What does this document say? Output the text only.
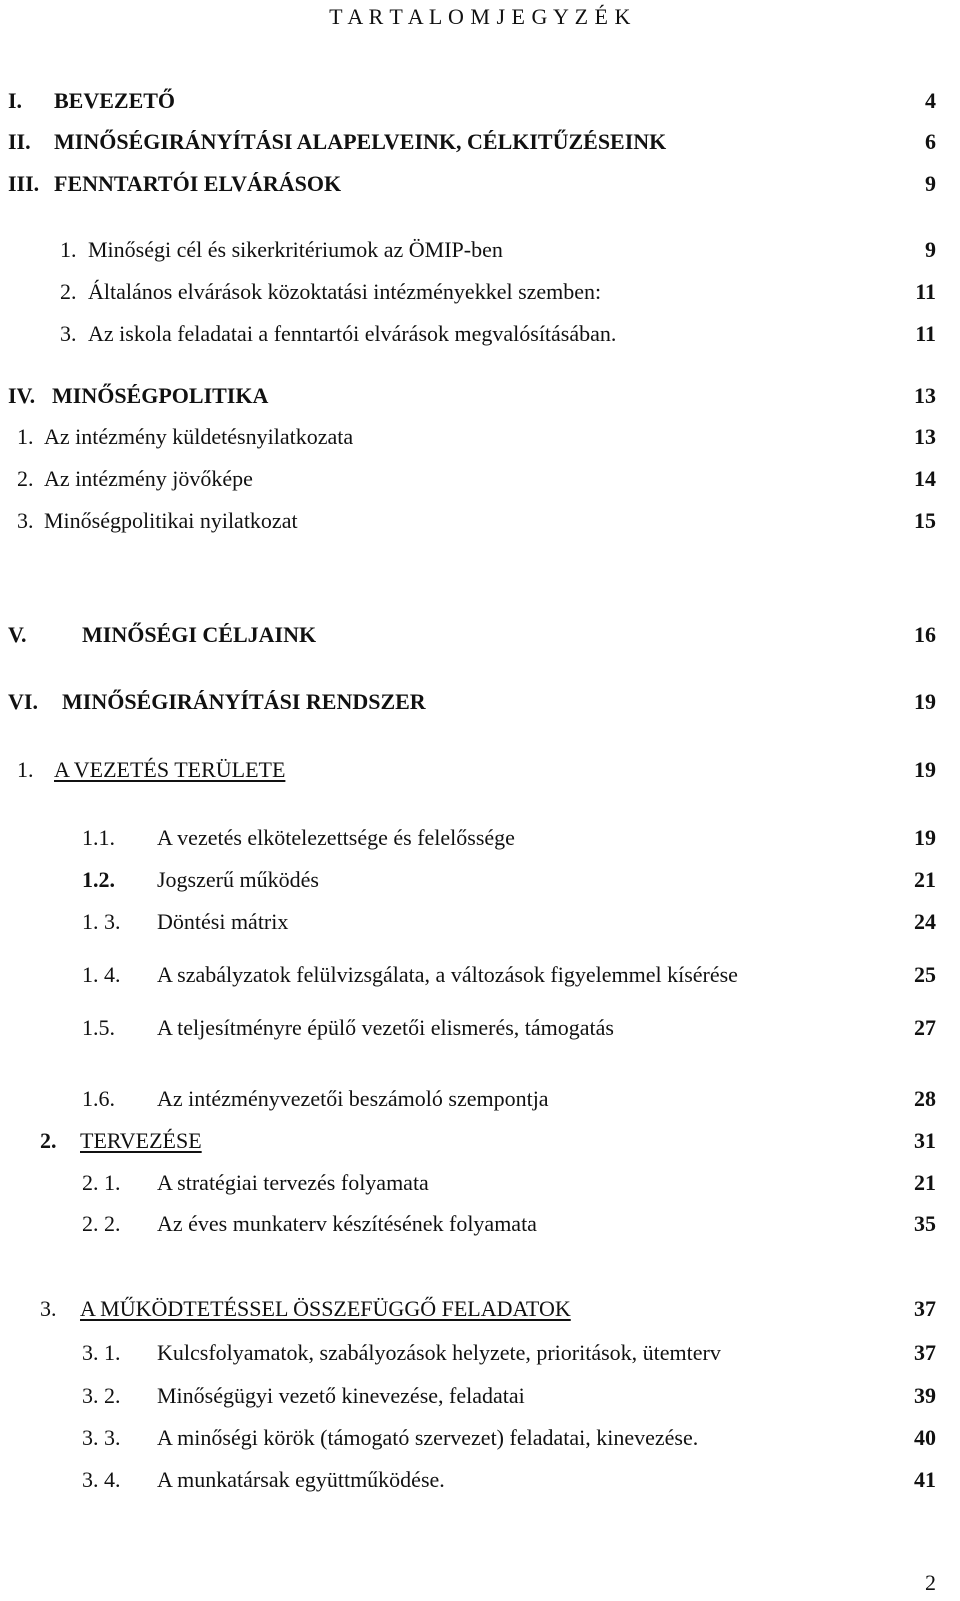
T A R T A L O M J E G Y Z É K
I. BEVEZETŐ	4
II. MINŐSÉGIRÁNYÍTÁSI ALAPELVEINK, CÉLKITŰZÉSEINK	6
III. FENNTARTÓI ELVÁRÁSOK	9
1. Minőségi cél és sikerkritériumok az ÖMIP-ben	9
2. Általános elvárások közoktatási intézményekkel szemben:	11
3. Az iskola feladatai a fenntartói elvárások megvalósításában.	11
IV. MINŐSÉGPOLITIKA	13
1. Az intézmény küldetésnyilatkozata	13
2. Az intézmény jövőképe	14
3. Minőségpolitikai nyilatkozat	15
V.	MINŐSÉGI CÉLJAINK	16
VI. MINŐSÉGIRÁNYÍTÁSI RENDSZER	19
1. A VEZETÉS TERÜLETE	19
1.1. A vezetés elkötelezettsége és felelőssége	19
1.2. Jogszerű működés	21
1. 3. Döntési mátrix	24
1. 4. A szabályzatok felülvizsgálata, a változások figyelemmel kísérése	25
1.5. A teljesítményre épülő vezetői elismerés, támogatás	27
1.6. Az intézményvezetői beszámoló szempontja	28
2. TERVEZÉSE	31
2. 1. A stratégiai tervezés folyamata	21
2. 2. Az éves munkaterv készítésének folyamata	35
3. A MŰKÖDTETÉSSEL ÖSSZEFÜGGŐ FELADATOK	37
3. 1. Kulcsfolyamatok, szabályozások helyzete, prioritások, ütemterv	37
3. 2. Minőségügyi vezető kinevezése, feladatai	39
3. 3. A minőségi körök (támogató szervezet) feladatai, kinevezése.	40
3. 4. A munkatársak együttműködése.	41
2
